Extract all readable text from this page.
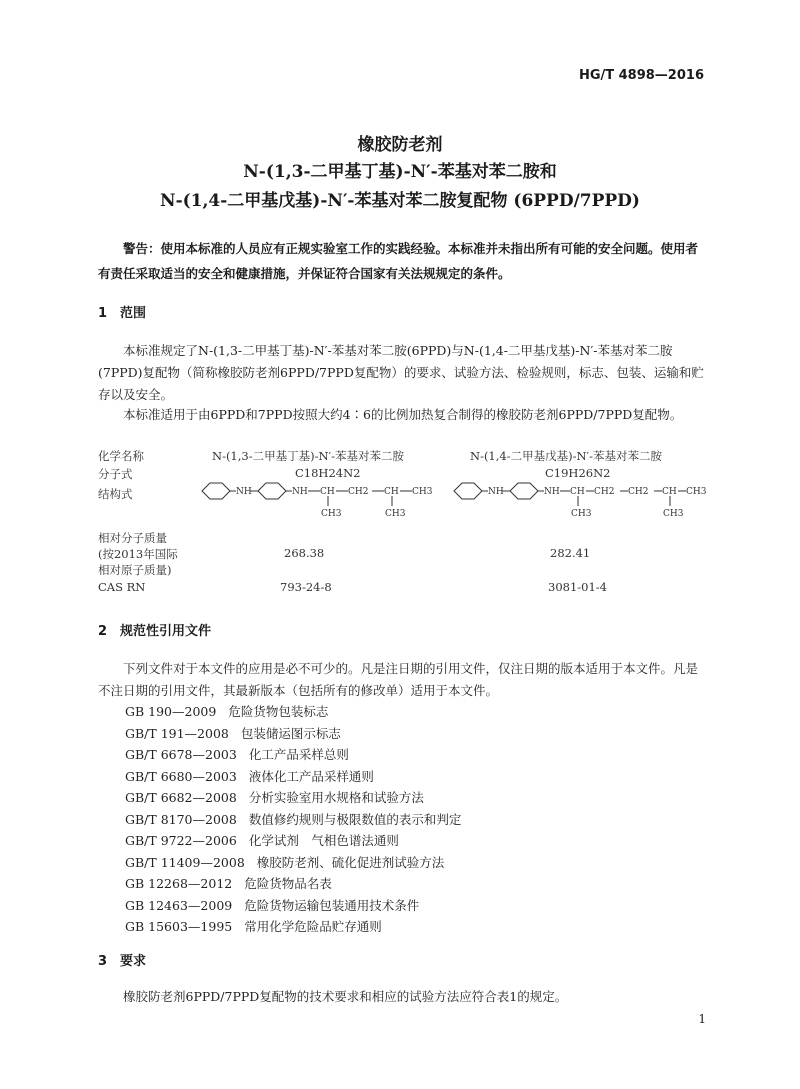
HG/T 4898—2016
橡胶防老剂
N-(1,3-二甲基丁基)-N′-苯基对苯二胺和
N-(1,4-二甲基戊基)-N′-苯基对苯二胺复配物 (6PPD/7PPD)
警告：使用本标准的人员应有正规实验室工作的实践经验。本标准并未指出所有可能的安全问题。使用者有责任采取适当的安全和健康措施，并保证符合国家有关法规规定的条件。
1　范围
本标准规定了N-(1,3-二甲基丁基)-N′-苯基对苯二胺(6PPD)与N-(1,4-二甲基戊基)-N′-苯基对苯二胺(7PPD)复配物（简称橡胶防老剂6PPD/7PPD复配物）的要求、试验方法、检验规则，标志、包装、运输和贮存以及安全。
本标准适用于由6PPD和7PPD按照大约4∶6的比例加热复合制得的橡胶防老剂6PPD/7PPD复配物。
化学名称	N-(1,3-二甲基丁基)-N′-苯基对苯二胺	N-(1,4-二甲基戊基)-N′-苯基对苯二胺
分子式	C18H24N2	C19H26N2
结构式	NH	NH CH CH2 CH CH3
CH3	CH3
NH	NH CH CH2 CH2 CH CH3
CH3	CH3
相对分子质量
(按2013年国际
相对原子质量)
268.38	282.41
CAS RN	793-24-8	3081-01-4
2　规范性引用文件
下列文件对于本文件的应用是必不可少的。凡是注日期的引用文件，仅注日期的版本适用于本文件。凡是不注日期的引用文件，其最新版本（包括所有的修改单）适用于本文件。
GB 190—2009 危险货物包装标志
GB/T 191—2008 包装储运图示标志
GB/T 6678—2003 化工产品采样总则
GB/T 6680—2003 液体化工产品采样通则
GB/T 6682—2008 分析实验室用水规格和试验方法
GB/T 8170—2008 数值修约规则与极限数值的表示和判定
GB/T 9722—2006 化学试剂　气相色谱法通则
GB/T 11409—2008 橡胶防老剂、硫化促进剂试验方法
GB 12268—2012 危险货物品名表
GB 12463—2009 危险货物运输包装通用技术条件
GB 15603—1995 常用化学危险品贮存通则
3　要求
橡胶防老剂6PPD/7PPD复配物的技术要求和相应的试验方法应符合表1的规定。
1
